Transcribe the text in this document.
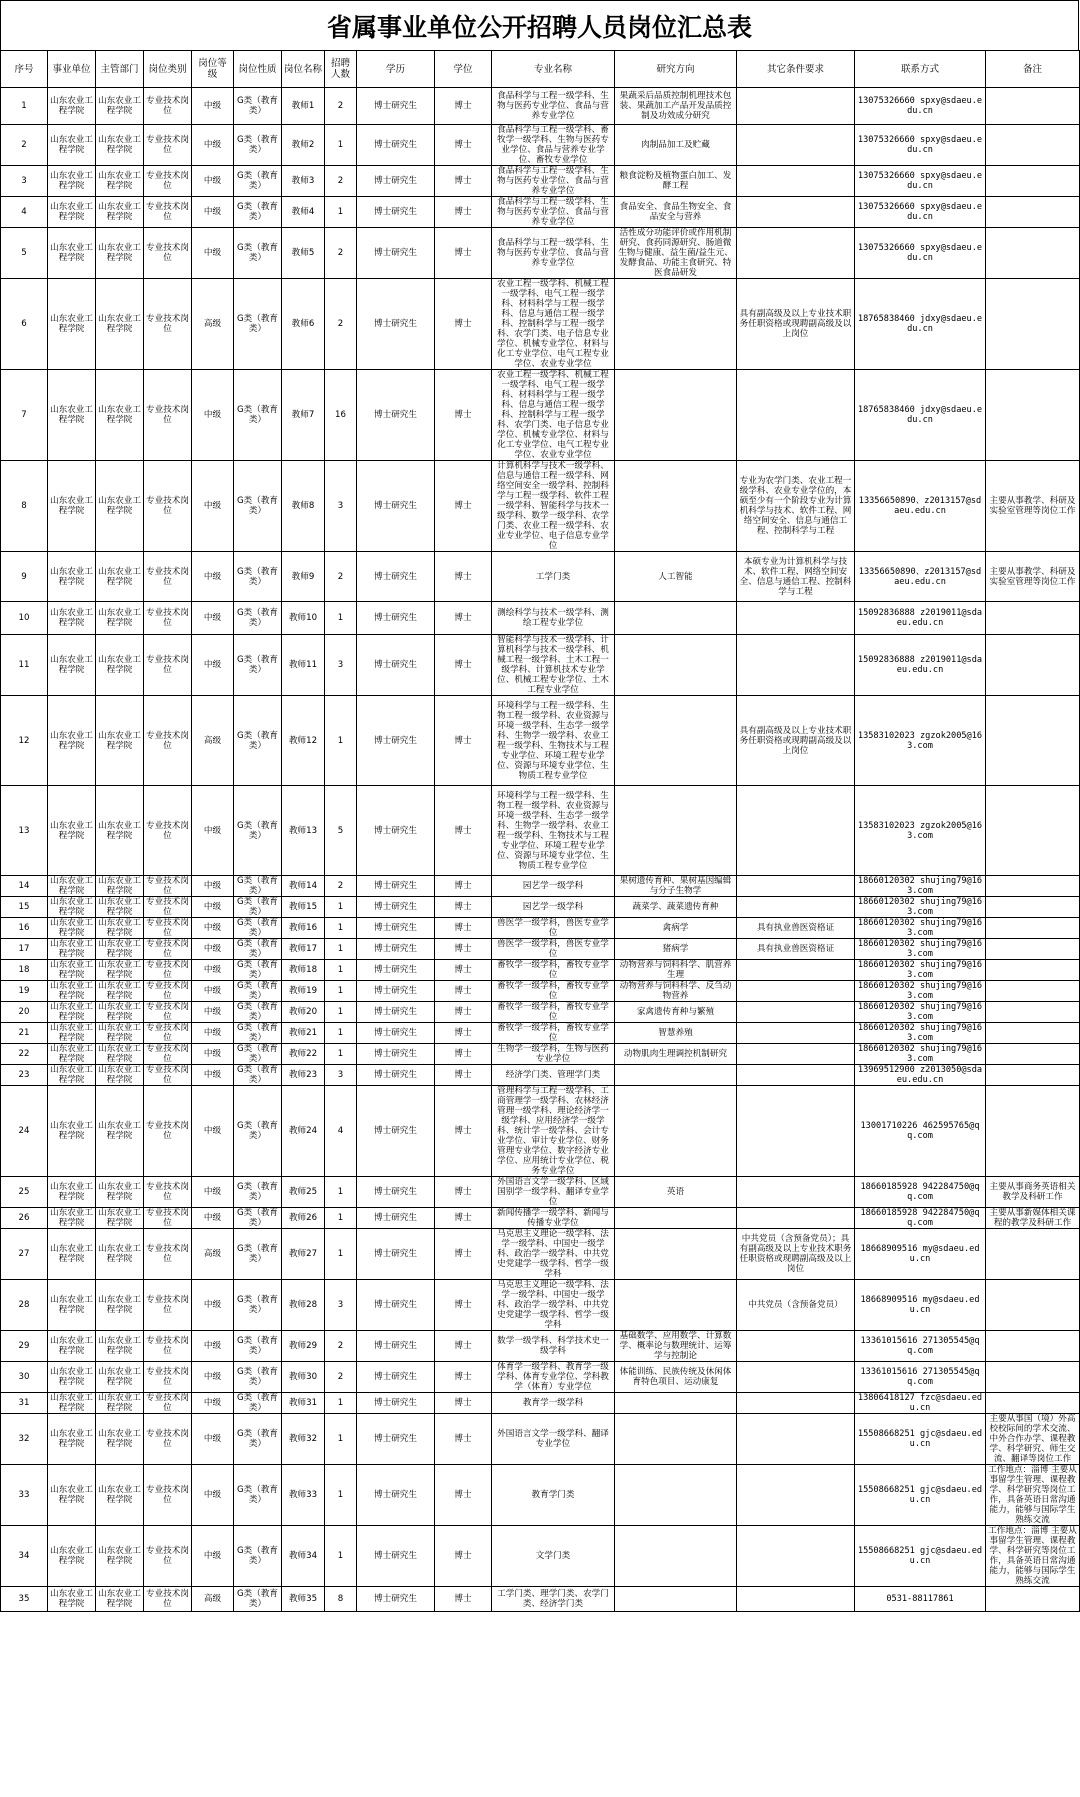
省属事业单位公开招聘人员岗位汇总表
序号	事业单位	主管部门	岗位类别	岗位等级	岗位性质	岗位名称	招聘人数	学历	学位	专业名称	研究方向	其它条件要求	联系方式	备注
1	山东农业工程学院	山东农业工程学院	专业技术岗位	中级	G类（教育类）	教师1	2	博士研究生	博士	食品科学与工程一级学科、生物与医药专业学位、食品与营养专业学位	果蔬采后品质控制机理技术包装、果蔬加工产品开发品质控制及功效成分研究		13075326660 spxy@sdaeu.edu.cn	
2	山东农业工程学院	山东农业工程学院	专业技术岗位	中级	G类（教育类）	教师2	1	博士研究生	博士	食品科学与工程一级学科、畜牧学一级学科、生物与医药专业学位、食品与营养专业学位、畜牧专业学位	肉制品加工及贮藏		13075326660 spxy@sdaeu.edu.cn	
3	山东农业工程学院	山东农业工程学院	专业技术岗位	中级	G类（教育类）	教师3	2	博士研究生	博士	食品科学与工程一级学科、生物与医药专业学位、食品与营养专业学位	粮食淀粉及植物蛋白加工、发酵工程		13075326660 spxy@sdaeu.edu.cn	
4	山东农业工程学院	山东农业工程学院	专业技术岗位	中级	G类（教育类）	教师4	1	博士研究生	博士	食品科学与工程一级学科、生物与医药专业学位、食品与营养专业学位	食品安全、食品生物安全、食品安全与营养		13075326660 spxy@sdaeu.edu.cn	
5	山东农业工程学院	山东农业工程学院	专业技术岗位	中级	G类（教育类）	教师5	2	博士研究生	博士	食品科学与工程一级学科、生物与医药专业学位、食品与营养专业学位	活性成分功能评价或作用机制研究、食药同源研究、肠道微生物与健康、益生菌/益生元、发酵食品、功能主食研究、特医食品研发		13075326660 spxy@sdaeu.edu.cn	
6	山东农业工程学院	山东农业工程学院	专业技术岗位	高级	G类（教育类）	教师6	2	博士研究生	博士	农业工程一级学科、机械工程一级学科、电气工程一级学科、材料科学与工程一级学科、信息与通信工程一级学科、控制科学与工程一级学科、农学门类、电子信息专业学位、机械专业学位、材料与化工专业学位、电气工程专业学位、农业专业学位		具有副高级及以上专业技术职务任职资格或现聘副高级及以上岗位	18765838460 jdxy@sdaeu.edu.cn	
7	山东农业工程学院	山东农业工程学院	专业技术岗位	中级	G类（教育类）	教师7	16	博士研究生	博士	农业工程一级学科、机械工程一级学科、电气工程一级学科、材料科学与工程一级学科、信息与通信工程一级学科、控制科学与工程一级学科、农学门类、电子信息专业学位、机械专业学位、材料与化工专业学位、电气工程专业学位、农业专业学位			18765838460 jdxy@sdaeu.edu.cn	
8	山东农业工程学院	山东农业工程学院	专业技术岗位	中级	G类（教育类）	教师8	3	博士研究生	博士	计算机科学与技术一级学科、信息与通信工程一级学科、网络空间安全一级学科、控制科学与工程一级学科、软件工程一级学科、智能科学与技术一级学科、数学一级学科、农学门类、农业工程一级学科、农业专业学位、电子信息专业学位		专业为农学门类、农业工程一级学科、农业专业学位的，本硕至少有一个阶段专业为计算机科学与技术、软件工程、网络空间安全、信息与通信工程、控制科学与工程	13356650890、z2013157@sdaeu.edu.cn	主要从事教学、科研及实验室管理等岗位工作
9	山东农业工程学院	山东农业工程学院	专业技术岗位	中级	G类（教育类）	教师9	2	博士研究生	博士	工学门类	人工智能	本硕专业为计算机科学与技术、软件工程、网络空间安全、信息与通信工程、控制科学与工程	13356650890、z2013157@sdaeu.edu.cn	主要从事教学、科研及实验室管理等岗位工作
10	山东农业工程学院	山东农业工程学院	专业技术岗位	中级	G类（教育类）	教师10	1	博士研究生	博士	测绘科学与技术一级学科、测绘工程专业学位			15092836888 z2019011@sdaeu.edu.cn	
11	山东农业工程学院	山东农业工程学院	专业技术岗位	中级	G类（教育类）	教师11	3	博士研究生	博士	智能科学与技术一级学科、计算机科学与技术一级学科、机械工程一级学科、土木工程一级学科、计算机技术专业学位、机械工程专业学位、土木工程专业学位			15092836888 z2019011@sdaeu.edu.cn	
12	山东农业工程学院	山东农业工程学院	专业技术岗位	高级	G类（教育类）	教师12	1	博士研究生	博士	环境科学与工程一级学科、生物工程一级学科、农业资源与环境一级学科、生态学一级学科、生物学一级学科、农业工程一级学科、生物技术与工程专业学位、环境工程专业学位、资源与环境专业学位、生物质工程专业学位		具有副高级及以上专业技术职务任职资格或现聘副高级及以上岗位	13583102023 zgzok2005@163.com	
13	山东农业工程学院	山东农业工程学院	专业技术岗位	中级	G类（教育类）	教师13	5	博士研究生	博士	环境科学与工程一级学科、生物工程一级学科、农业资源与环境一级学科、生态学一级学科、生物学一级学科、农业工程一级学科、生物技术与工程专业学位、环境工程专业学位、资源与环境专业学位、生物质工程专业学位			13583102023 zgzok2005@163.com	
14	山东农业工程学院	山东农业工程学院	专业技术岗位	中级	G类（教育类）	教师14	2	博士研究生	博士	园艺学一级学科	果树遗传育种、果树基因编辑与分子生物学		18660120302 shujing79@163.com	
15	山东农业工程学院	山东农业工程学院	专业技术岗位	中级	G类（教育类）	教师15	1	博士研究生	博士	园艺学一级学科	蔬菜学、蔬菜遗传育种		18660120302 shujing79@163.com	
16	山东农业工程学院	山东农业工程学院	专业技术岗位	中级	G类（教育类）	教师16	1	博士研究生	博士	兽医学一级学科，兽医专业学位	禽病学	具有执业兽医资格证	18660120302 shujing79@163.com	
17	山东农业工程学院	山东农业工程学院	专业技术岗位	中级	G类（教育类）	教师17	1	博士研究生	博士	兽医学一级学科，兽医专业学位	猪病学	具有执业兽医资格证	18660120302 shujing79@163.com	
18	山东农业工程学院	山东农业工程学院	专业技术岗位	中级	G类（教育类）	教师18	1	博士研究生	博士	畜牧学一级学科，畜牧专业学位	动物营养与饲料科学、肌营养生理		18660120302 shujing79@163.com	
19	山东农业工程学院	山东农业工程学院	专业技术岗位	中级	G类（教育类）	教师19	1	博士研究生	博士	畜牧学一级学科，畜牧专业学位	动物营养与饲料科学、反刍动物营养		18660120302 shujing79@163.com	
20	山东农业工程学院	山东农业工程学院	专业技术岗位	中级	G类（教育类）	教师20	1	博士研究生	博士	畜牧学一级学科，畜牧专业学位	家禽遗传育种与繁殖		18660120302 shujing79@163.com	
21	山东农业工程学院	山东农业工程学院	专业技术岗位	中级	G类（教育类）	教师21	1	博士研究生	博士	畜牧学一级学科，畜牧专业学位	智慧养殖		18660120302 shujing79@163.com	
22	山东农业工程学院	山东农业工程学院	专业技术岗位	中级	G类（教育类）	教师22	1	博士研究生	博士	生物学一级学科，生物与医药专业学位	动物肌肉生理调控机制研究		18660120302 shujing79@163.com	
23	山东农业工程学院	山东农业工程学院	专业技术岗位	中级	G类（教育类）	教师23	3	博士研究生	博士	经济学门类、管理学门类			13969512900 z2013050@sdaeu.edu.cn	
24	山东农业工程学院	山东农业工程学院	专业技术岗位	中级	G类（教育类）	教师24	4	博士研究生	博士	管理科学与工程一级学科、工商管理学一级学科、农林经济管理一级学科、理论经济学一级学科、应用经济学一级学科、统计学一级学科、会计专业学位、审计专业学位、财务管理专业学位、数字经济专业学位、应用统计专业学位、税务专业学位			13001710226 462595765@qq.com	
25	山东农业工程学院	山东农业工程学院	专业技术岗位	中级	G类（教育类）	教师25	1	博士研究生	博士	外国语言文学一级学科、区域国别学一级学科、翻译专业学位	英语		18660185928 942284750@qq.com	主要从事商务英语相关教学及科研工作
26	山东农业工程学院	山东农业工程学院	专业技术岗位	中级	G类（教育类）	教师26	1	博士研究生	博士	新闻传播学一级学科、新闻与传播专业学位			18660185928 942284750@qq.com	主要从事新媒体相关课程的教学及科研工作
27	山东农业工程学院	山东农业工程学院	专业技术岗位	高级	G类（教育类）	教师27	1	博士研究生	博士	马克思主义理论一级学科、法学一级学科、中国史一级学科、政治学一级学科、中共党史党建学一级学科、哲学一级学科		中共党员（含预备党员）；具有副高级及以上专业技术职务任职资格或现聘副高级及以上岗位	18668909516 my@sdaeu.edu.cn	
28	山东农业工程学院	山东农业工程学院	专业技术岗位	中级	G类（教育类）	教师28	3	博士研究生	博士	马克思主义理论一级学科、法学一级学科、中国史一级学科、政治学一级学科、中共党史党建学一级学科、哲学一级学科		中共党员（含预备党员）	18668909516 my@sdaeu.edu.cn	
29	山东农业工程学院	山东农业工程学院	专业技术岗位	中级	G类（教育类）	教师29	2	博士研究生	博士	数学一级学科、科学技术史一级学科	基础数学、应用数学、计算数学、概率论与数理统计、运筹学与控制论		13361015616 271305545@qq.com	
30	山东农业工程学院	山东农业工程学院	专业技术岗位	中级	G类（教育类）	教师30	2	博士研究生	博士	体育学一级学科、教育学一级学科、体育专业学位、学科教学（体育）专业学位	体能训练、民族传统及休闲体育特色项目、运动康复		13361015616 271305545@qq.com	
31	山东农业工程学院	山东农业工程学院	专业技术岗位	中级	G类（教育类）	教师31	1	博士研究生	博士	教育学一级学科			13806418127 fzc@sdaeu.edu.cn	
32	山东农业工程学院	山东农业工程学院	专业技术岗位	中级	G类（教育类）	教师32	1	博士研究生	博士	外国语言文学一级学科、翻译专业学位			15508668251 gjc@sdaeu.edu.cn	主要从事国（境）外高校校际间的学术交流、中外合作办学、课程教学、科学研究、师生交流、翻译等岗位工作
33	山东农业工程学院	山东农业工程学院	专业技术岗位	中级	G类（教育类）	教师33	1	博士研究生	博士	教育学门类			15508668251 gjc@sdaeu.edu.cn	工作地点：淄博 主要从事留学生管理、课程教学、科学研究等岗位工作，具备英语日常沟通能力，能够与国际学生熟练交流
34	山东农业工程学院	山东农业工程学院	专业技术岗位	中级	G类（教育类）	教师34	1	博士研究生	博士	文学门类			15508668251 gjc@sdaeu.edu.cn	工作地点：淄博 主要从事留学生管理、课程教学、科学研究等岗位工作，具备英语日常沟通能力，能够与国际学生熟练交流
35	山东农业工程学院	山东农业工程学院	专业技术岗位	高级	G类（教育类）	教师35	8	博士研究生	博士	工学门类、理学门类、农学门类、经济学门类			0531-88117861	
